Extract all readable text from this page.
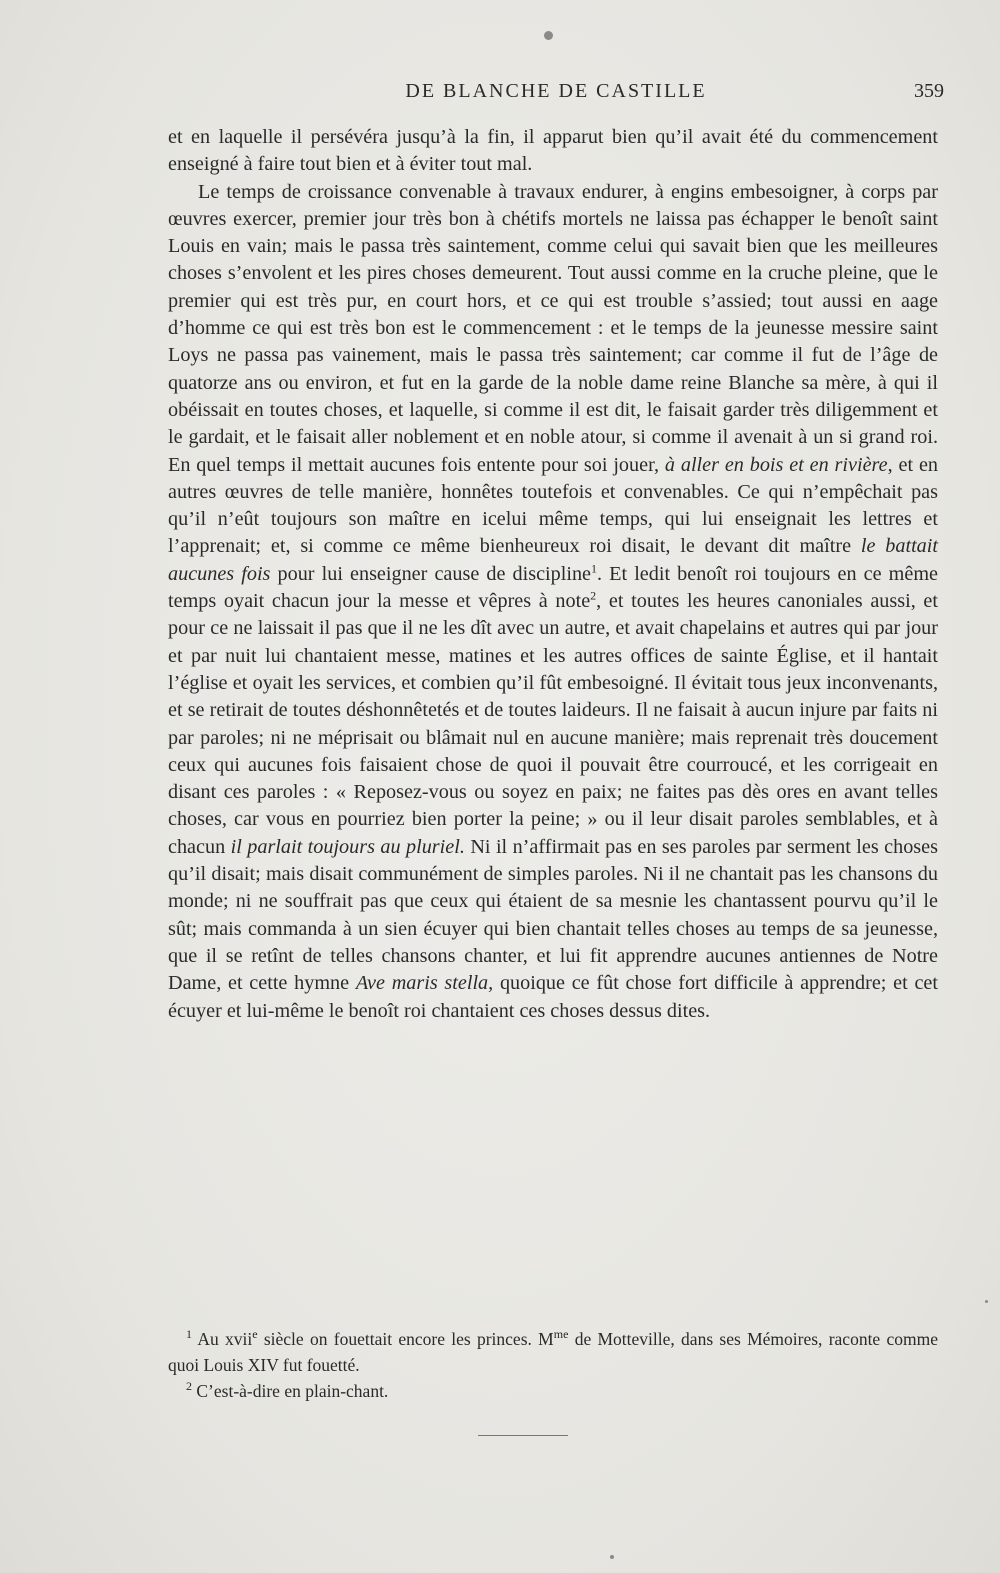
DE BLANCHE DE CASTILLE	359

et en laquelle il persévéra jusqu’à la fin, il apparut bien qu’il avait été du commencement enseigné à faire tout bien et à éviter tout mal.

Le temps de croissance convenable à travaux endurer, à engins embesoigner, à corps par œuvres exercer, premier jour très bon à chétifs mortels ne laissa pas échapper le benoît saint Louis en vain; mais le passa très saintement, comme celui qui savait bien que les meilleures choses s’envolent et les pires choses demeurent. Tout aussi comme en la cruche pleine, que le premier qui est très pur, en court hors, et ce qui est trouble s’assied; tout aussi en aage d’homme ce qui est très bon est le commencement : et le temps de la jeunesse messire saint Loys ne passa pas vainement, mais le passa très saintement; car comme il fut de l’âge de quatorze ans ou environ, et fut en la garde de la noble dame reine Blanche sa mère, à qui il obéissait en toutes choses, et laquelle, si comme il est dit, le faisait garder très diligemment et le gardait, et le faisait aller noblement et en noble atour, si comme il avenait à un si grand roi. En quel temps il mettait aucunes fois entente pour soi jouer, à aller en bois et en rivière, et en autres œuvres de telle manière, honnêtes toutefois et convenables. Ce qui n’empêchait pas qu’il n’eût toujours son maître en icelui même temps, qui lui enseignait les lettres et l’apprenait; et, si comme ce même bienheureux roi disait, le devant dit maître le battait aucunes fois pour lui enseigner cause de discipline$^1$. Et ledit benoît roi toujours en ce même temps oyait chacun jour la messe et vêpres à note$^2$, et toutes les heures canoniales aussi, et pour ce ne laissait il pas que il ne les dît avec un autre, et avait chapelains et autres qui par jour et par nuit lui chantaient messe, matines et les autres offices de sainte Église, et il hantait l’église et oyait les services, et combien qu’il fût embesoigné. Il évitait tous jeux inconvenants, et se retirait de toutes déshonnêtetés et de toutes laideurs. Il ne faisait à aucun injure par faits ni par paroles; ni ne méprisait ou blâmait nul en aucune manière; mais reprenait très doucement ceux qui aucunes fois faisaient chose de quoi il pouvait être courroucé, et les corrigeait en disant ces paroles : « Reposez-vous ou soyez en paix; ne faites pas dès ores en avant telles choses, car vous en pourriez bien porter la peine; » ou il leur disait paroles semblables, et à chacun il parlait toujours au pluriel. Ni il n’affirmait pas en ses paroles par serment les choses qu’il disait; mais disait communément de simples paroles. Ni il ne chantait pas les chansons du monde; ni ne souffrait pas que ceux qui étaient de sa mesnie les chantassent pourvu qu’il le sût; mais commanda à un sien écuyer qui bien chantait telles choses au temps de sa jeunesse, que il se retînt de telles chansons chanter, et lui fit apprendre aucunes antiennes de Notre Dame, et cette hymne Ave maris stella, quoique ce fût chose fort difficile à apprendre; et cet écuyer et lui-même le benoît roi chantaient ces choses dessus dites.

$^1$ Au xvii$^e$ siècle on fouettait encore les princes. $M^{me}$ de Motteville, dans ses Mémoires, raconte comme quoi Louis XIV fut fouetté.

$^2$ C’est-à-dire en plain-chant.
